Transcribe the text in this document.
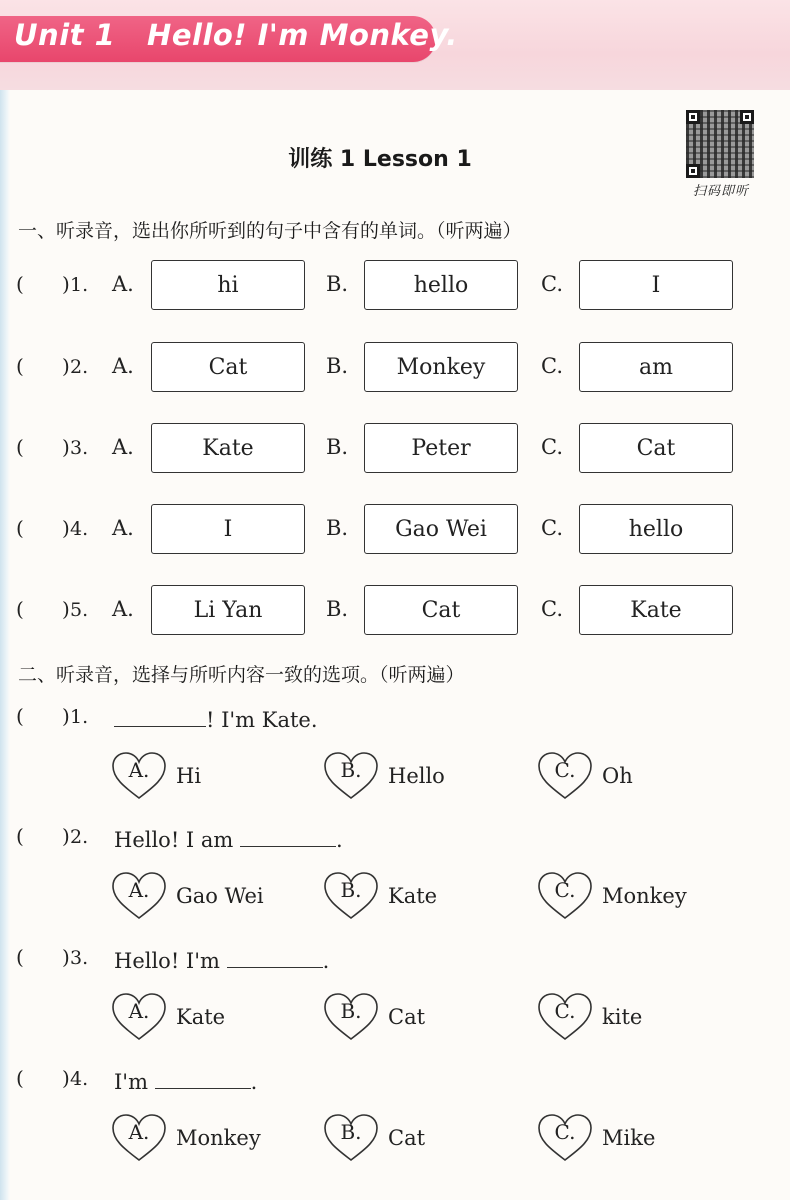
Unit 1   Hello! I'm Monkey.
训练 1 Lesson 1
扫码即听
一、听录音，选出你所听到的句子中含有的单词。（听两遍）
(      ) 1. A.	hi	B.	hello	C.	I
(      ) 2. A.	Cat	B.	Monkey	C.	am
(      ) 3. A.	Kate	B.	Peter	C.	Cat
(      ) 4. A.	I	B.	Gao Wei	C.	hello
(      ) 5. A.	Li Yan	B.	Cat	C.	Kate
二、听录音，选择与所听内容一致的选项。（听两遍）
(      ) 1.	! I'm Kate.
A.	Hi	B.	Hello	C.	Oh
(      ) 2. Hello! I am	.
A.	Gao Wei	B.	Kate	C.	Monkey
(      ) 3. Hello! I'm	.
A.	Kate	B.	Cat	C.	kite
(      ) 4. I'm	.
A.	Monkey	B.	Cat	C.	Mike
